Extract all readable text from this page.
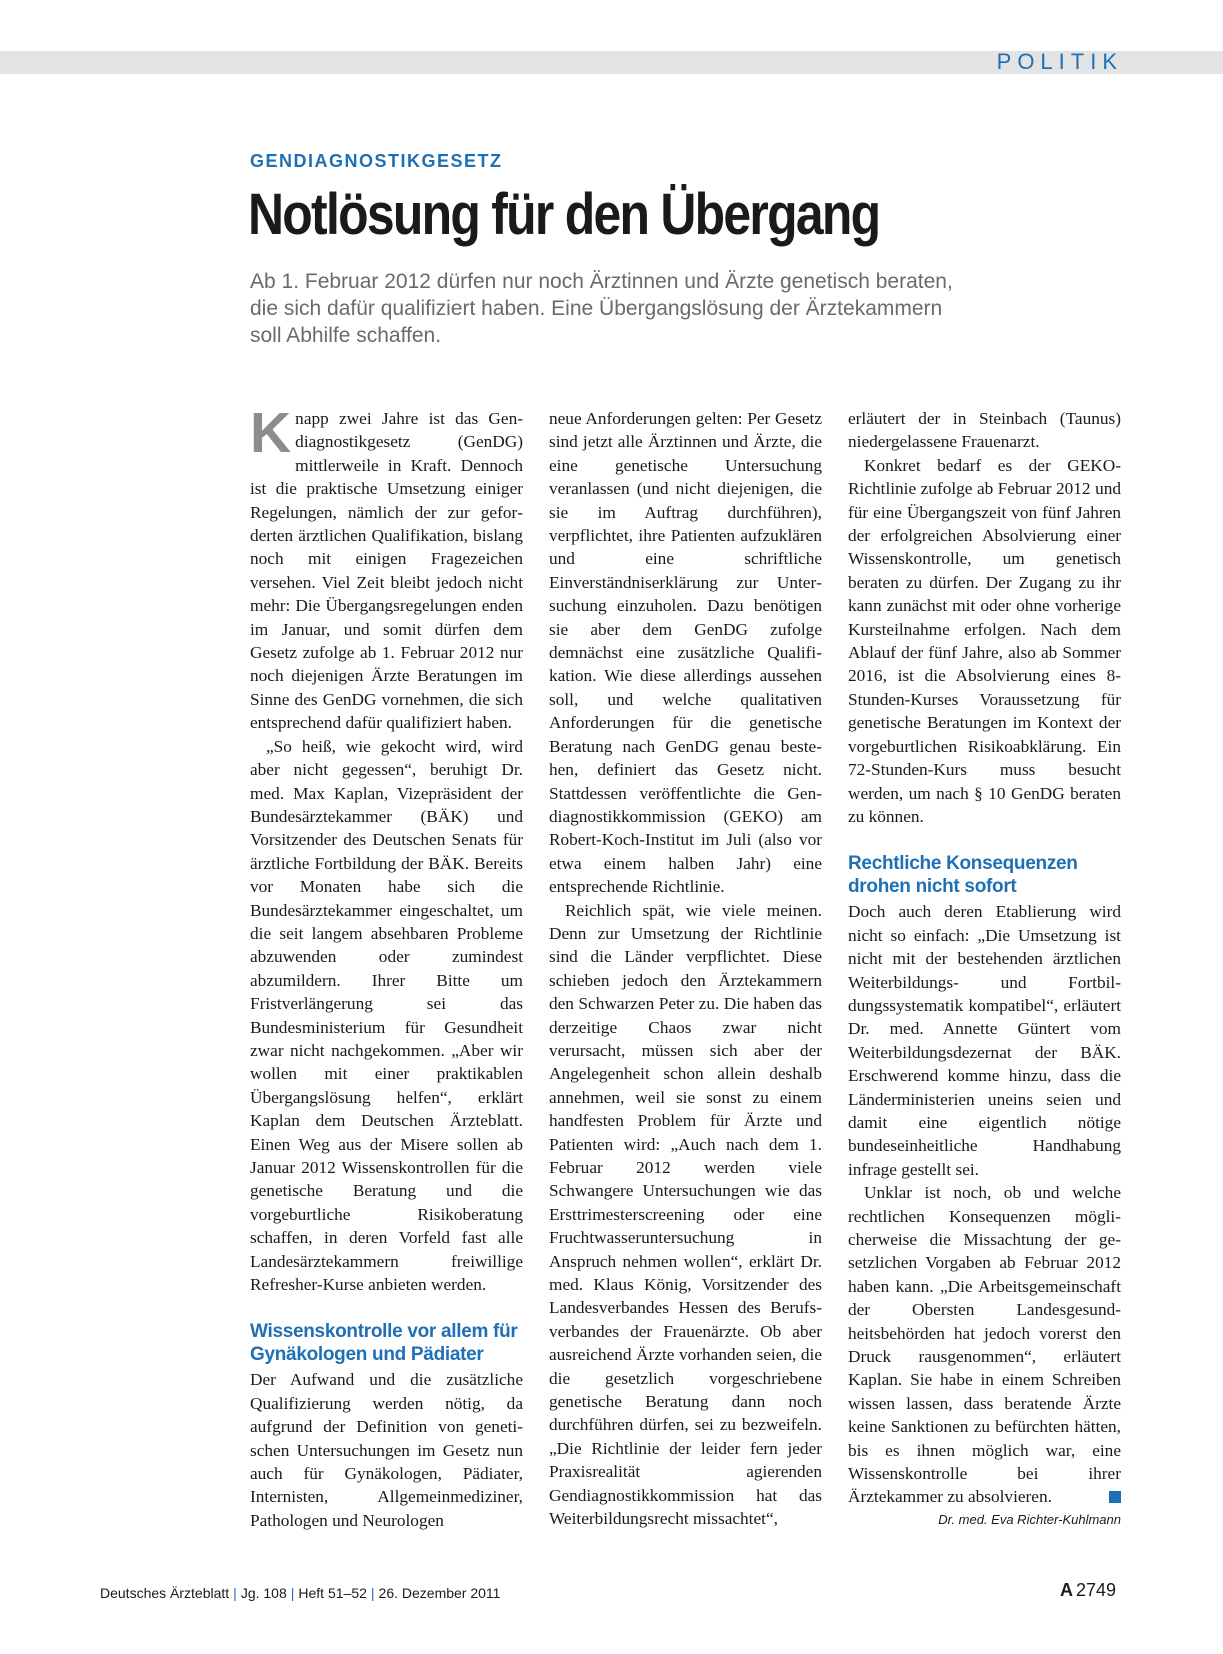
POLITIK
GENDIAGNOSTIKGESETZ
Notlösung für den Übergang
Ab 1. Februar 2012 dürfen nur noch Ärztinnen und Ärzte genetisch beraten,
die sich dafür qualifiziert haben. Eine Übergangslösung der Ärztekammern
soll Abhilfe schaffen.

Knapp zwei Jahre ist das Gendiagnostikgesetz (GenDG) mittlerweile in Kraft. Dennoch ist die praktische Umsetzung einiger Regelungen, nämlich der zur geforderten ärztlichen Qualifikation, bislang noch mit einigen Fragezeichen versehen. Viel Zeit bleibt jedoch nicht mehr: Die Übergangsregelungen enden im Januar, und somit dürfen dem Gesetz zufolge ab 1. Februar 2012 nur noch diejenigen Ärzte Beratungen im Sinne des GenDG vornehmen, die sich entsprechend dafür qualifiziert haben.

„So heiß, wie gekocht wird, wird aber nicht gegessen“, beruhigt Dr. med. Max Kaplan, Vizepräsident der Bundesärztekammer (BÄK) und Vorsitzender des Deutschen Senats für ärztliche Fortbildung der BÄK. Bereits vor Monaten habe sich die Bundesärztekammer eingeschaltet, um die seit langem absehbaren Probleme abzuwenden oder zumindest abzumildern. Ihrer Bitte um Fristverlängerung sei das Bundesministerium für Gesundheit zwar nicht nachgekommen. „Aber wir wollen mit einer praktikablen Übergangslösung helfen“, erklärt Kaplan dem Deutschen Ärzteblatt. Einen Weg aus der Misere sollen ab Januar 2012 Wissenskontrollen für die genetische Beratung und die vorgeburtliche Risikoberatung schaffen, in deren Vorfeld fast alle Landesärztekammern freiwillige Refresher-Kurse anbieten werden.

Wissenskontrolle vor allem für Gynäkologen und Pädiater

Der Aufwand und die zusätzliche Qualifizierung werden nötig, da aufgrund der Definition von genetischen Untersuchungen im Gesetz nun auch für Gynäkologen, Pädiater, Internisten, Allgemeinmediziner, Pathologen und Neurologen

neue Anforderungen gelten: Per Gesetz sind jetzt alle Ärztinnen und Ärzte, die eine genetische Untersuchung veranlassen (und nicht diejenigen, die sie im Auftrag durchführen), verpflichtet, ihre Patienten aufzuklären und eine schriftliche Einverständniserklärung zur Untersuchung einzuholen. Dazu benötigen sie aber dem GenDG zufolge demnächst eine zusätzliche Qualifikation. Wie diese allerdings aussehen soll, und welche qualitativen Anforderungen für die genetische Beratung nach GenDG genau bestehen, definiert das Gesetz nicht. Stattdessen veröffentlichte die Gendiagnostikkommission (GEKO) am Robert-Koch-Institut im Juli (also vor etwa einem halben Jahr) eine entsprechende Richtlinie.

Reichlich spät, wie viele meinen. Denn zur Umsetzung der Richtlinie sind die Länder verpflichtet. Diese schieben jedoch den Ärztekammern den Schwarzen Peter zu. Die haben das derzeitige Chaos zwar nicht verursacht, müssen sich aber der Angelegenheit schon allein deshalb annehmen, weil sie sonst zu einem handfesten Problem für Ärzte und Patienten wird: „Auch nach dem 1. Februar 2012 werden viele Schwangere Untersuchungen wie das Ersttrimesterscreening oder eine Fruchtwasseruntersuchung in Anspruch nehmen wollen“, erklärt Dr. med. Klaus König, Vorsitzender des Landesverbandes Hessen des Berufsverbandes der Frauenärzte. Ob aber ausreichend Ärzte vorhanden seien, die die gesetzlich vorgeschriebene genetische Beratung dann noch durchführen dürfen, sei zu bezweifeln. „Die Richtlinie der leider fern jeder Praxisrealität agierenden Gendiagnostikkommission hat das Weiterbildungsrecht missachtet“,

erläutert der in Steinbach (Taunus) niedergelassene Frauenarzt.

Konkret bedarf es der GEKO-Richtlinie zufolge ab Februar 2012 und für eine Übergangszeit von fünf Jahren der erfolgreichen Absolvierung einer Wissenskontrolle, um genetisch beraten zu dürfen. Der Zugang zu ihr kann zunächst mit oder ohne vorherige Kursteilnahme erfolgen. Nach dem Ablauf der fünf Jahre, also ab Sommer 2016, ist die Absolvierung eines 8-Stunden-Kurses Voraussetzung für genetische Beratungen im Kontext der vorgeburtlichen Risikoabklärung. Ein 72-Stunden-Kurs muss besucht werden, um nach § 10 GenDG beraten zu können.

Rechtliche Konsequenzen drohen nicht sofort

Doch auch deren Etablierung wird nicht so einfach: „Die Umsetzung ist nicht mit der bestehenden ärztlichen Weiterbildungs- und Fortbildungssystematik kompatibel“, erläutert Dr. med. Annette Güntert vom Weiterbildungsdezernat der BÄK. Erschwerend komme hinzu, dass die Länderministerien uneins seien und damit eine eigentlich nötige bundeseinheitliche Handhabung infrage gestellt sei.

Unklar ist noch, ob und welche rechtlichen Konsequenzen möglicherweise die Missachtung der gesetzlichen Vorgaben ab Februar 2012 haben kann. „Die Arbeitsgemeinschaft der Obersten Landesgesundheitsbehörden hat jedoch vorerst den Druck rausgenommen“, erläutert Kaplan. Sie habe in einem Schreiben wissen lassen, dass beratende Ärzte keine Sanktionen zu befürchten hätten, bis es ihnen möglich war, eine Wissenskontrolle bei ihrer Ärztekammer zu absolvieren.

Dr. med. Eva Richter-Kuhlmann
Deutsches Ärzteblatt | Jg. 108 | Heft 51–52 | 26. Dezember 2011	A 2749
